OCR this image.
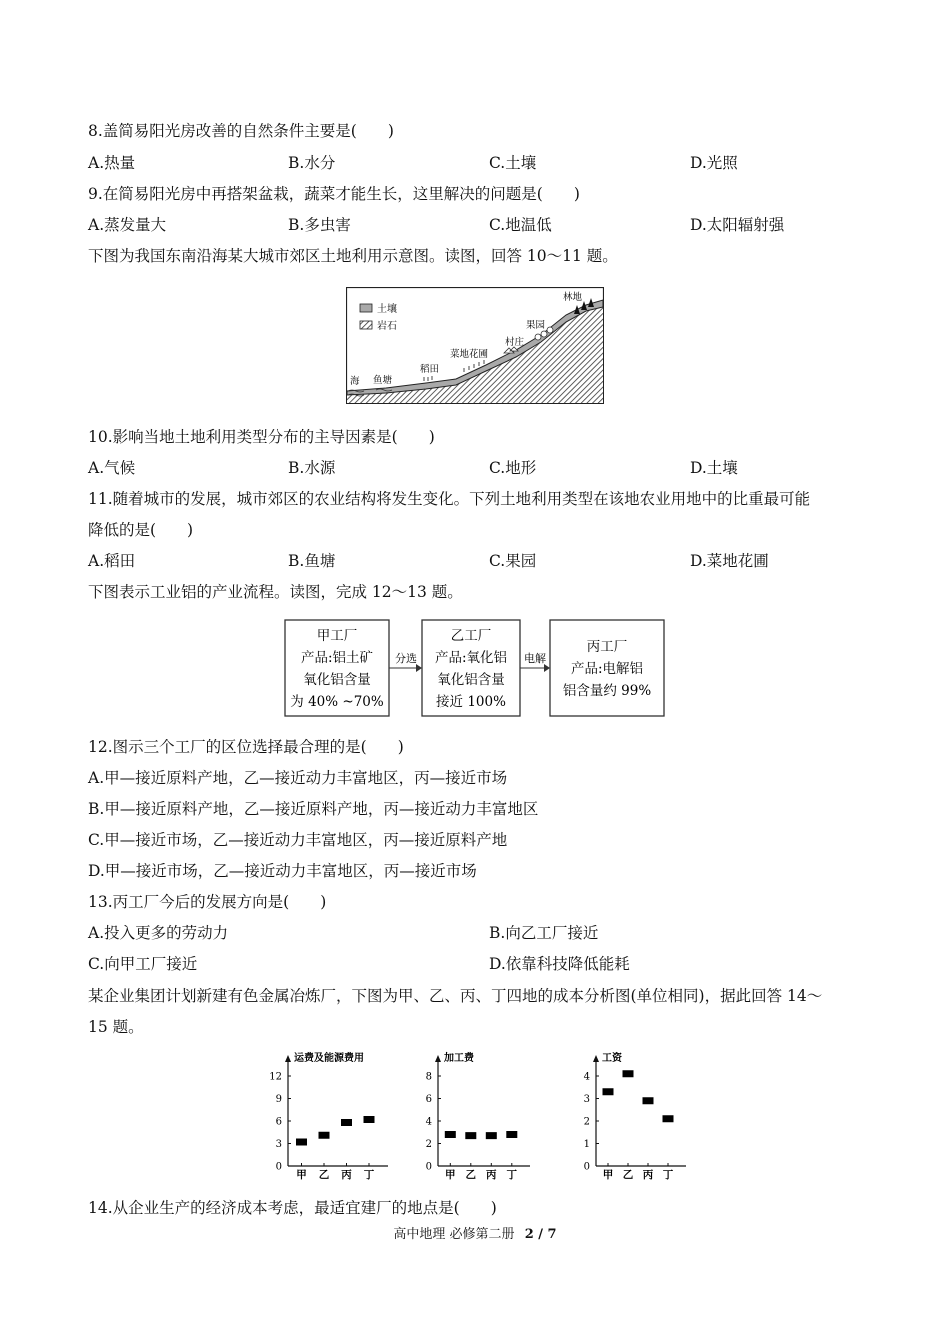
8.盖简易阳光房改善的自然条件主要是(　　)
A.热量	B.水分	C.土壤	D.光照
9.在简易阳光房中再搭架盆栽，蔬菜才能生长，这里解决的问题是(　　)
A.蒸发量大	B.多虫害	C.地温低	D.太阳辐射强
下图为我国东南沿海某大城市郊区土地利用示意图。读图，回答 10～11 题。
土壤
岩石
海 鱼塘
稻田
菜地花圃
村庄
果园
林地
10.影响当地土地利用类型分布的主导因素是(　　)
A.气候	B.水源	C.地形	D.土壤
11.随着城市的发展，城市郊区的农业结构将发生变化。下列土地利用类型在该地农业用地中的比重最可能
降低的是(　　)
A.稻田	B.鱼塘	C.果园	D.菜地花圃
下图表示工业铝的产业流程。读图，完成 12～13 题。
甲工厂
产品:铝土矿
氧化铝含量
为 40% ~70%
分选
乙工厂
产品:氧化铝
氧化铝含量
接近 100%
电解
丙工厂
产品:电解铝
铝含量约 99%
12.图示三个工厂的区位选择最合理的是(　　)
A.甲—接近原料产地，乙—接近动力丰富地区，丙—接近市场
B.甲—接近原料产地，乙—接近原料产地，丙—接近动力丰富地区
C.甲—接近市场，乙—接近动力丰富地区，丙—接近原料产地
D.甲—接近市场，乙—接近动力丰富地区，丙—接近市场
13.丙工厂今后的发展方向是(　　)
A.投入更多的劳动力	B.向乙工厂接近
C.向甲工厂接近	D.依靠科技降低能耗
某企业集团计划新建有色金属冶炼厂，下图为甲、乙、丙、丁四地的成本分析图(单位相同)，据此回答 14～
15 题。
运费及能源费用
0
3
6
9
12
甲 乙 丙 丁
加工费
0
2
4
6
8
甲 乙 丙 丁
工资
0
1
2
3
4
甲 乙 丙 丁
14.从企业生产的经济成本考虑，最适宜建厂的地点是(　　)
高中地理 必修第二册 2 / 7
